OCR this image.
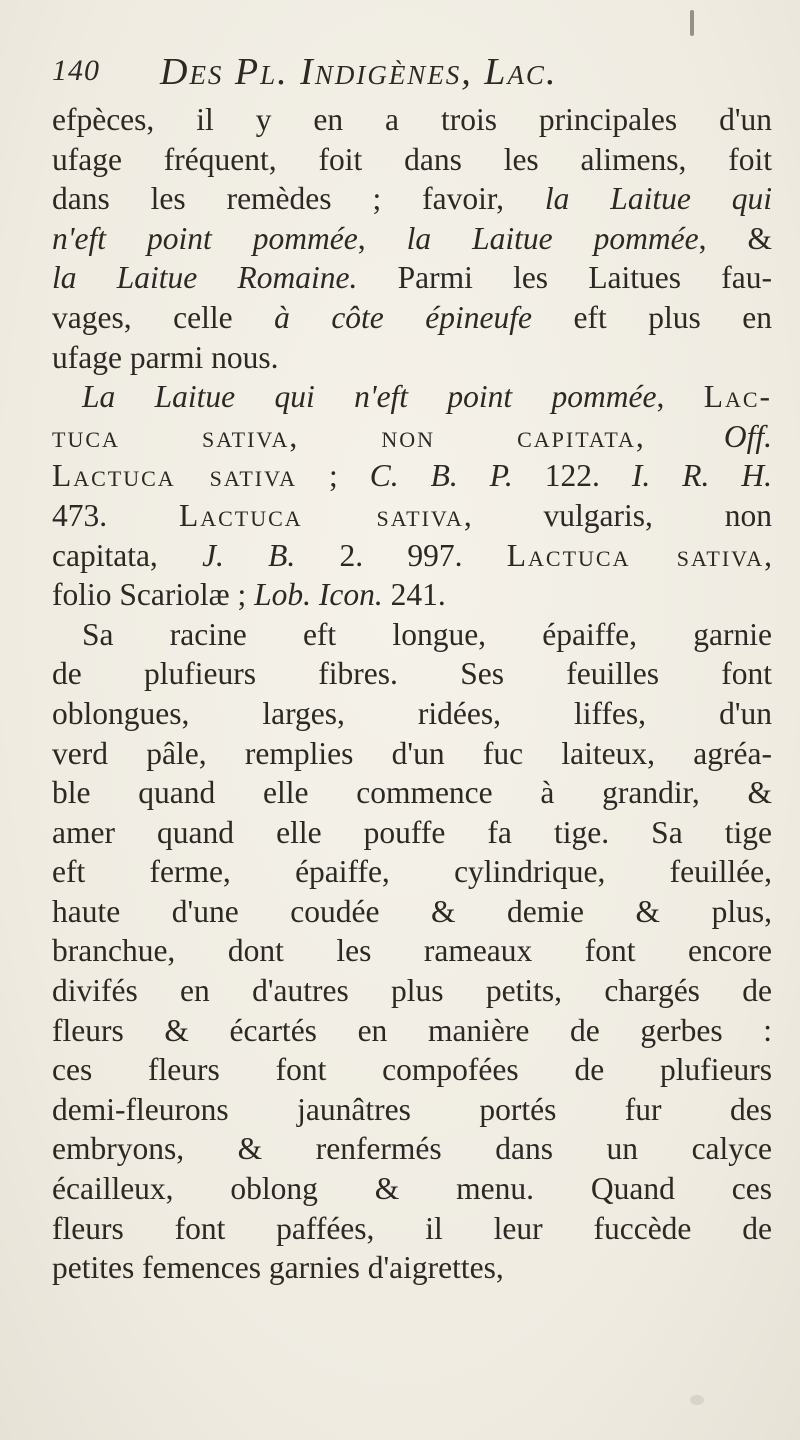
140 Des Pl. Indigènes, Lac.
efpèces, il y en a trois principales d'un
ufage fréquent, foit dans les alimens, foit
dans les remèdes ; favoir, la Laitue qui
n'eft point pommée, la Laitue pommée, &
la Laitue Romaine. Parmi les Laitues fau-
vages, celle à côte épineufe eft plus en
ufage parmi nous.
La Laitue qui n'eft point pommée, Lac-
tuca sativa, non capitata, Off.
Lactuca sativa ; C. B. P. 122. I. R. H.
473. Lactuca sativa, vulgaris, non
capitata, J. B. 2. 997. Lactuca sativa,
folio Scariolæ ; Lob. Icon. 241.
Sa racine eft longue, épaiffe, garnie
de plufieurs fibres. Ses feuilles font
oblongues, larges, ridées, liffes, d'un
verd pâle, remplies d'un fuc laiteux, agréa-
ble quand elle commence à grandir, &
amer quand elle pouffe fa tige. Sa tige
eft ferme, épaiffe, cylindrique, feuillée,
haute d'une coudée & demie & plus,
branchue, dont les rameaux font encore
divifés en d'autres plus petits, chargés de
fleurs & écartés en manière de gerbes :
ces fleurs font compofées de plufieurs
demi-fleurons jaunâtres portés fur des
embryons, & renfermés dans un calyce
écailleux, oblong & menu. Quand ces
fleurs font paffées, il leur fuccède de
petites femences garnies d'aigrettes,
